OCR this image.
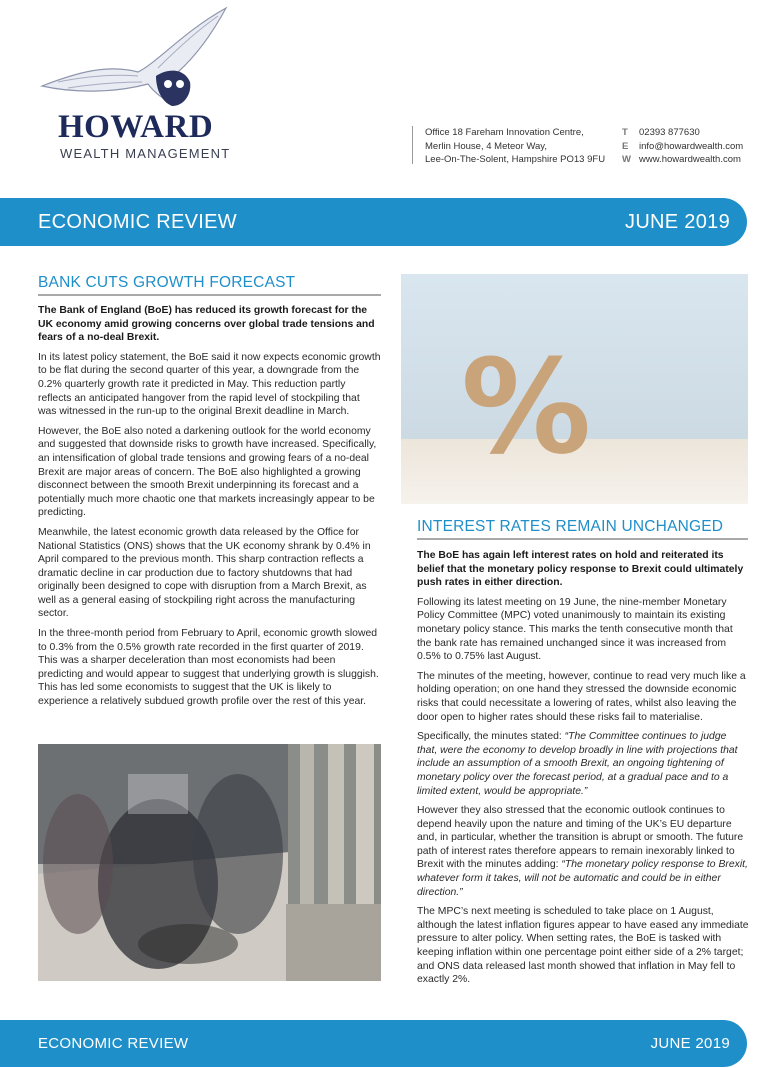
HOWARD
WEALTH MANAGEMENT
Office 18 Fareham Innovation Centre,
Merlin House, 4 Meteor Way,
Lee-On-The-Solent, Hampshire PO13 9FU
T 02393 877630
E info@howardwealth.com
W www.howardwealth.com
ECONOMIC REVIEW	JUNE 2019
BANK CUTS GROWTH FORECAST

The Bank of England (BoE) has reduced its growth forecast for the UK economy amid growing concerns over global trade tensions and fears of a no-deal Brexit.

In its latest policy statement, the BoE said it now expects economic growth to be flat during the second quarter of this year, a downgrade from the 0.2% quarterly growth rate it predicted in May. This reduction partly reflects an anticipated hangover from the rapid level of stockpiling that was witnessed in the run-up to the original Brexit deadline in March.

However, the BoE also noted a darkening outlook for the world economy and suggested that downside risks to growth have increased. Specifically, an intensification of global trade tensions and growing fears of a no-deal Brexit are major areas of concern. The BoE also highlighted a growing disconnect between the smooth Brexit underpinning its forecast and a potentially much more chaotic one that markets increasingly appear to be predicting.

Meanwhile, the latest economic growth data released by the Office for National Statistics (ONS) shows that the UK economy shrank by 0.4% in April compared to the previous month. This sharp contraction reflects a dramatic decline in car production due to factory shutdowns that had originally been designed to cope with disruption from a March Brexit, as well as a general easing of stockpiling right across the manufacturing sector.

In the three-month period from February to April, economic growth slowed to 0.3% from the 0.5% growth rate recorded in the first quarter of 2019. This was a sharper deceleration than most economists had been predicting and would appear to suggest that underlying growth is sluggish. This has led some economists to suggest that the UK is likely to experience a relatively subdued growth profile over the rest of this year.

%
INTEREST RATES REMAIN UNCHANGED

The BoE has again left interest rates on hold and reiterated its belief that the monetary policy response to Brexit could ultimately push rates in either direction.

Following its latest meeting on 19 June, the nine-member Monetary Policy Committee (MPC) voted unanimously to maintain its existing monetary policy stance. This marks the tenth consecutive month that the bank rate has remained unchanged since it was increased from 0.5% to 0.75% last August.

The minutes of the meeting, however, continue to read very much like a holding operation; on one hand they stressed the downside economic risks that could necessitate a lowering of rates, whilst also leaving the door open to higher rates should these risks fail to materialise.

Specifically, the minutes stated: “The Committee continues to judge that, were the economy to develop broadly in line with projections that include an assumption of a smooth Brexit, an ongoing tightening of monetary policy over the forecast period, at a gradual pace and to a limited extent, would be appropriate.”

However they also stressed that the economic outlook continues to depend heavily upon the nature and timing of the UK’s EU departure and, in particular, whether the transition is abrupt or smooth. The future path of interest rates therefore appears to remain inexorably linked to Brexit with the minutes adding: “The monetary policy response to Brexit, whatever form it takes, will not be automatic and could be in either direction.”

The MPC’s next meeting is scheduled to take place on 1 August, although the latest inflation figures appear to have eased any immediate pressure to alter policy. When setting rates, the BoE is tasked with keeping inflation within one percentage point either side of a 2% target; and ONS data released last month showed that inflation in May fell to exactly 2%.

ECONOMIC REVIEW	JUNE 2019
